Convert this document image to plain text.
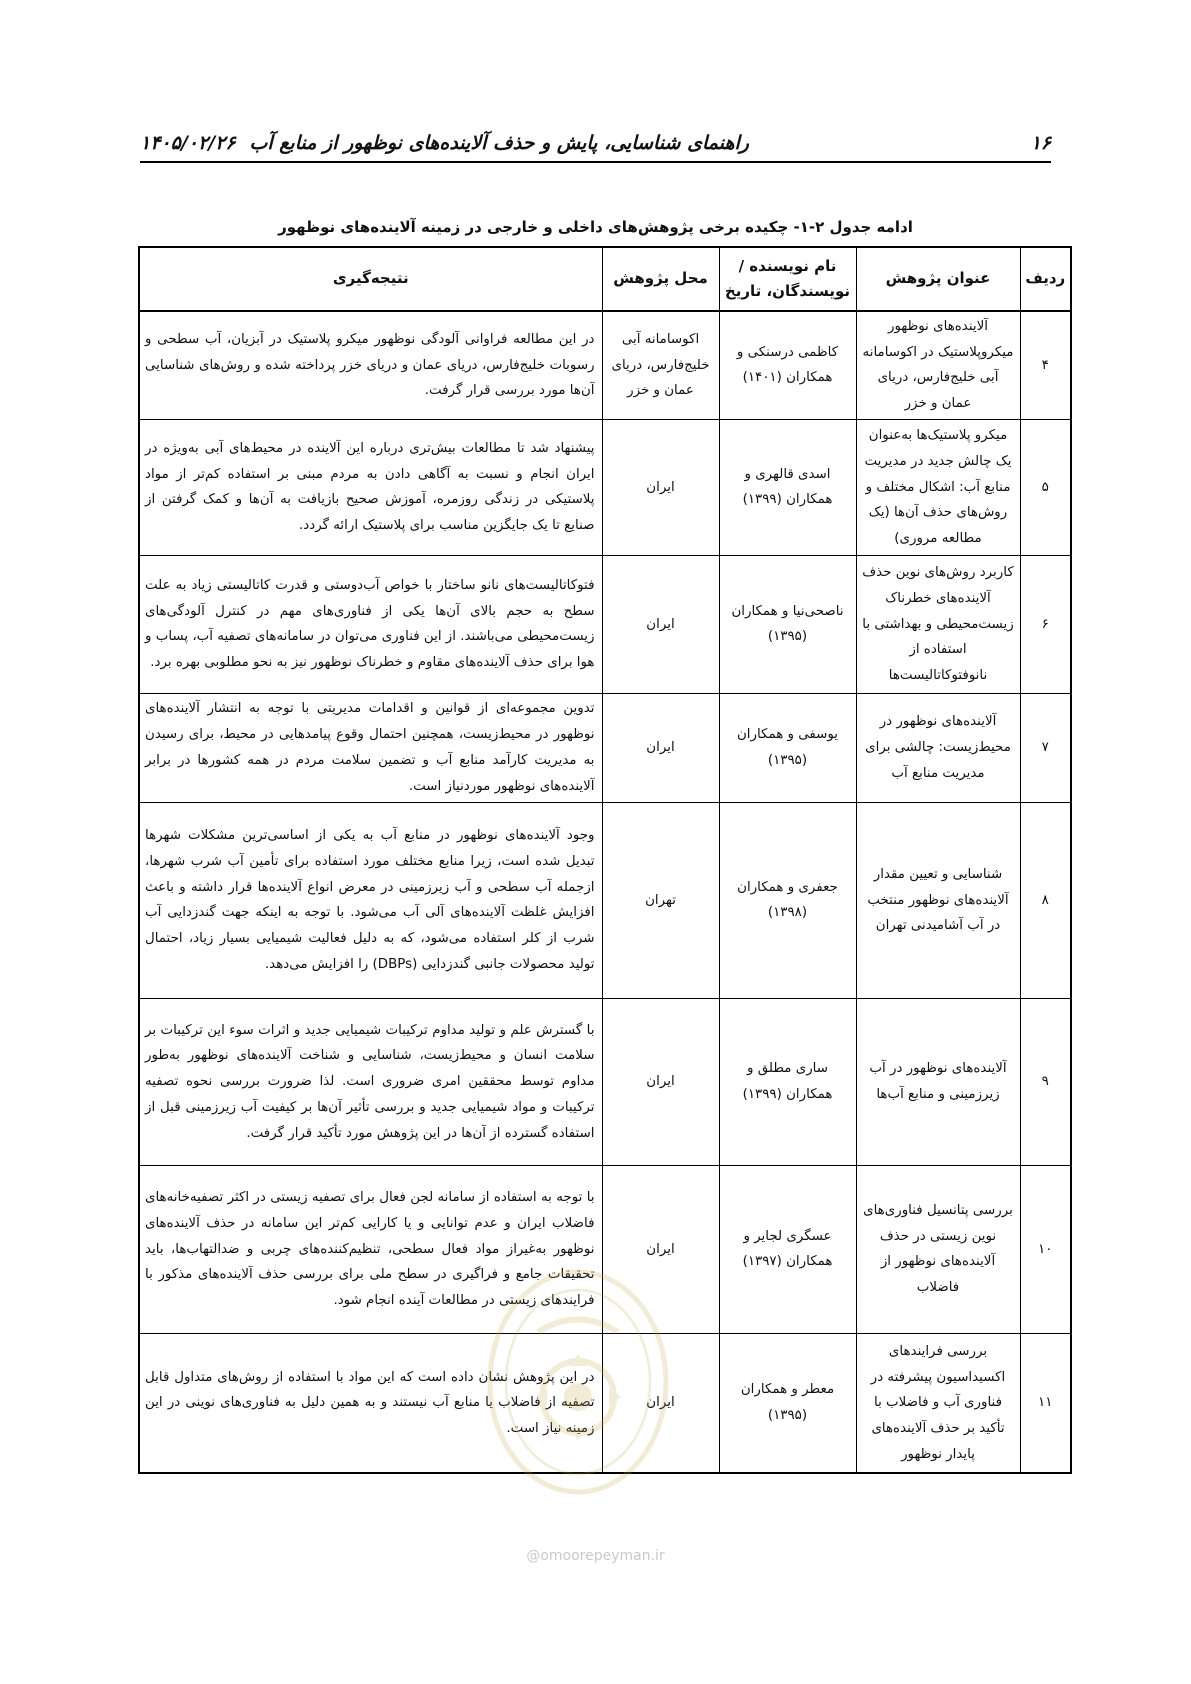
۱۶
راهنمای شناسایی، پایش و حذف آلاینده‌های نوظهور از منابع آب
۱۴۰۵/۰۲/۲۶
ادامه جدول ۲-۱- چکیده برخی پژوهش‌های داخلی و خارجی در زمینه آلاینده‌های نوظهور
ردیف	عنوان پژوهش	نام نویسنده / نویسندگان، تاریخ	محل پژوهش	نتیجه‌گیری
۴	آلاینده‌های نوظهور میکروپلاستیک در اکوسامانه آبی خلیج‌فارس، دریای عمان و خزر	کاظمی درسنکی و همکاران (۱۴۰۱)	اکوسامانه آبی خلیج‌فارس، دریای عمان و خزر	در این مطالعه فراوانی آلودگی نوظهور میکرو پلاستیک در آبزیان، آب سطحی و رسوبات خلیج‌فارس، دریای عمان و دریای خزر پرداخته شده و روش‌های شناسایی آن‌ها مورد بررسی قرار گرفت.
۵	میکرو پلاستیک‌ها به‌عنوان یک چالش جدید در مدیریت منابع آب: اشکال مختلف و روش‌های حذف آن‌ها (یک مطالعه مروری)	اسدی قالهری و همکاران (۱۳۹۹)	ایران	پیشنهاد شد تا مطالعات بیش‌تری درباره این آلاینده در محیط‌های آبی به‌ویژه در ایران انجام و نسبت به آگاهی دادن به مردم مبنی بر استفاده کم‌تر از مواد پلاستیکی در زندگی روزمره، آموزش صحیح بازیافت به آن‌ها و کمک گرفتن از صنایع تا یک جایگزین مناسب برای پلاستیک ارائه گردد.
۶	کاربرد روش‌های نوین حذف آلاینده‌های خطرناک زیست‌محیطی و بهداشتی با استفاده از نانوفتوکاتالیست‌ها	ناصحی‌نیا و همکاران (۱۳۹۵)	ایران	فتوکاتالیست‌های نانو ساختار با خواص آب‌دوستی و قدرت کاتالیستی زیاد به علت سطح به حجم بالای آن‌ها یکی از فناوری‌های مهم در کنترل آلودگی‌های زیست‌محیطی می‌باشند. از این فناوری می‌توان در سامانه‌های تصفیه آب، پساب و هوا برای حذف آلاینده‌های مقاوم و خطرناک نوظهور نیز به نحو مطلوبی بهره برد.
۷	آلاینده‌های نوظهور در محیط‌زیست: چالشی برای مدیریت منابع آب	یوسفی و همکاران (۱۳۹۵)	ایران	تدوین مجموعه‌ای از قوانین و اقدامات مدیریتی با توجه به انتشار آلاینده‌های نوظهور در محیط‌زیست، همچنین احتمال وقوع پیامدهایی در محیط، برای رسیدن به مدیریت کارآمد منابع آب و تضمین سلامت مردم در همه کشورها در برابر آلاینده‌های نوظهور موردنیاز است.
۸	شناسایی و تعیین مقدار آلاینده‌های نوظهور منتخب در آب آشامیدنی تهران	جعفری و همکاران (۱۳۹۸)	تهران	وجود آلاینده‌های نوظهور در منابع آب به یکی از اساسی‌ترین مشکلات شهرها تبدیل شده است، زیرا منابع مختلف مورد استفاده برای تأمین آب شرب شهرها، ازجمله آب سطحی و آب زیرزمینی در معرض انواع آلاینده‌ها قرار داشته و باعث افزایش غلظت آلاینده‌های آلی آب می‌شود. با توجه به اینکه جهت گندزدایی آب شرب از کلر استفاده می‌شود، که به دلیل فعالیت شیمیایی بسیار زیاد، احتمال تولید محصولات جانبی گندزدایی (DBPs) را افزایش می‌دهد.
۹	آلاینده‌های نوظهور در آب زیرزمینی و منابع آب‌ها	ساری مطلق و همکاران (۱۳۹۹)	ایران	با گسترش علم و تولید مداوم ترکیبات شیمیایی جدید و اثرات سوء این ترکیبات بر سلامت انسان و محیط‌زیست، شناسایی و شناخت آلاینده‌های نوظهور به‌طور مداوم توسط محققین امری ضروری است. لذا ضرورت بررسی نحوه تصفیه ترکیبات و مواد شیمیایی جدید و بررسی تأثیر آن‌ها بر کیفیت آب زیرزمینی قبل از استفاده گسترده از آن‌ها در این پژوهش مورد تأکید قرار گرفت.
۱۰	بررسی پتانسیل فناوری‌های نوین زیستی در حذف آلاینده‌های نوظهور از فاضلاب	عسگری لجایر و همکاران (۱۳۹۷)	ایران	با توجه به استفاده از سامانه لجن فعال برای تصفیه زیستی در اکثر تصفیه‌خانه‌های فاضلاب ایران و عدم توانایی و یا کارایی کم‌تر این سامانه در حذف آلاینده‌های نوظهور به‌غیراز مواد فعال سطحی، تنظیم‌کننده‌های چربی و ضدالتهاب‌ها، باید تحقیقات جامع و فراگیری در سطح ملی برای بررسی حذف آلاینده‌های مذکور با فرایندهای زیستی در مطالعات آینده انجام شود.
۱۱	بررسی فرایندهای اکسیداسیون پیشرفته در فناوری آب و فاضلاب با تأکید بر حذف آلاینده‌های پایدار نوظهور	معطر و همکاران (۱۳۹۵)	ایران	در این پژوهش نشان داده است که این مواد با استفاده از روش‌های متداول قابل تصفیه از فاضلاب یا منابع آب نیستند و به همین دلیل به فناوری‌های نوینی در این زمینه نیاز است.
@omoorepeyman.ir
